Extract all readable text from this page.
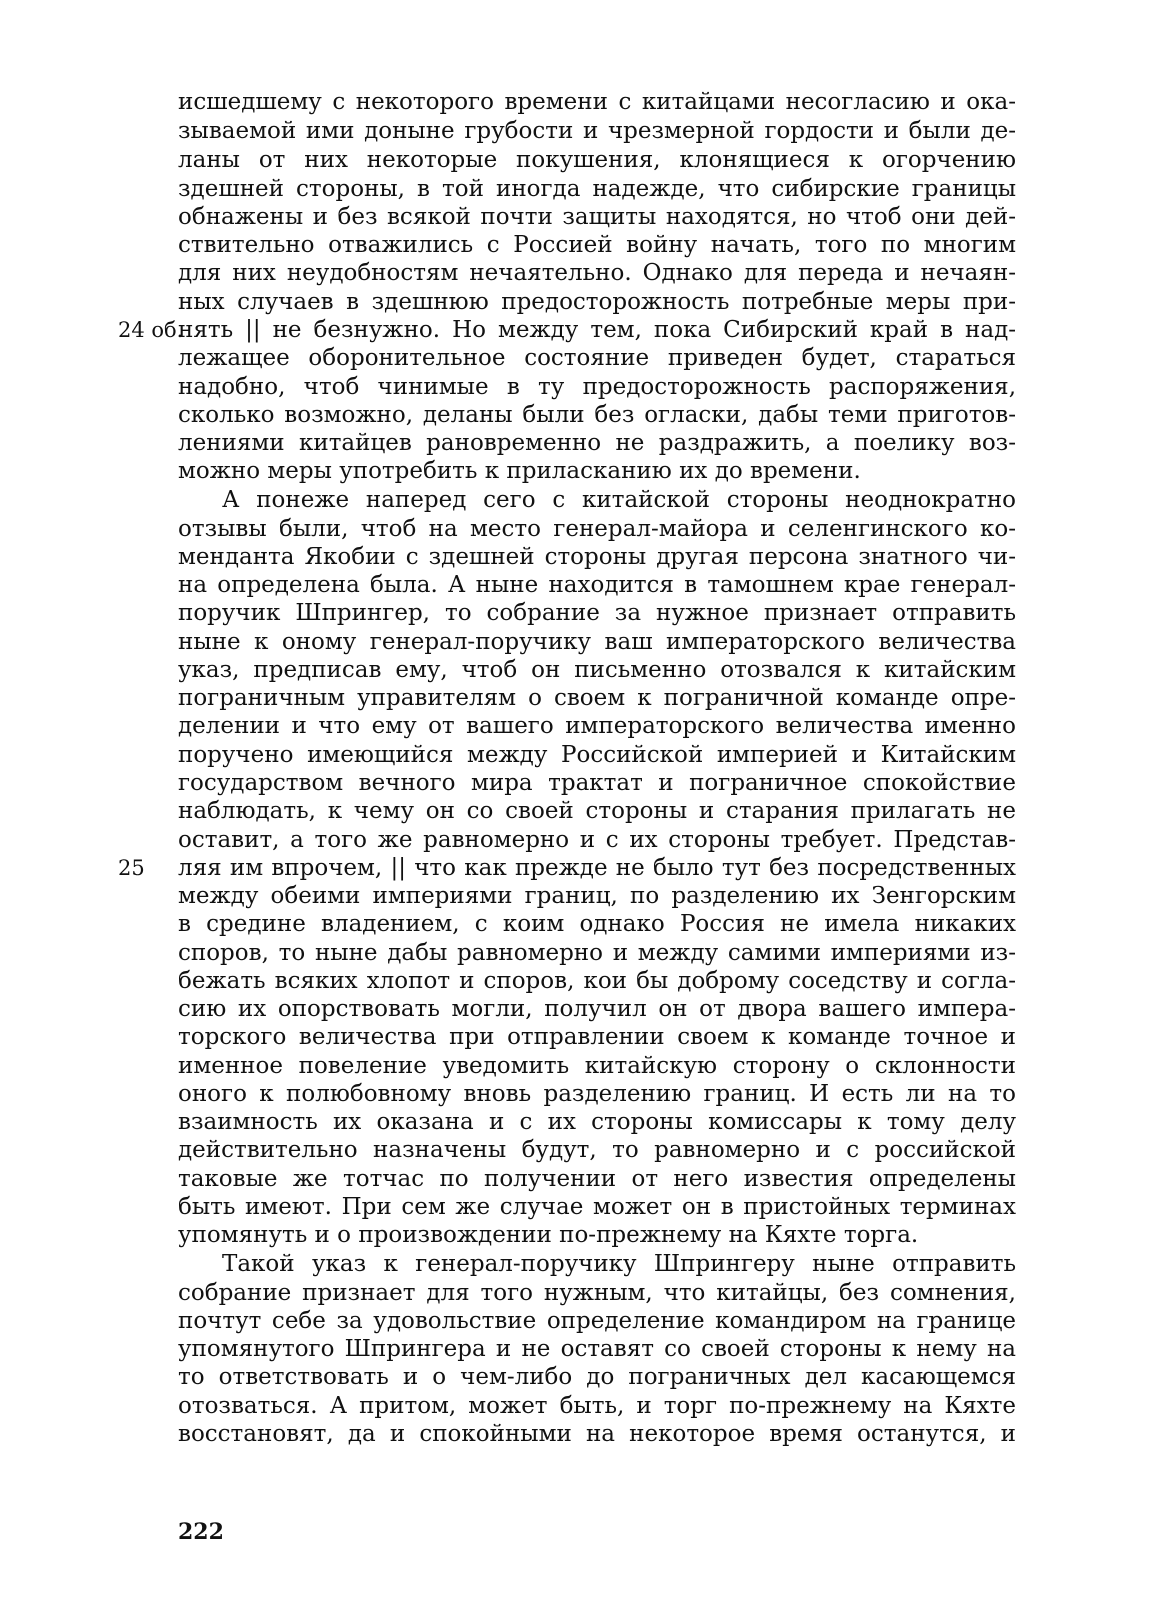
24 об.
25
исшедшему с некоторого времени с китайцами несогласию и ока-
зываемой ими доныне грубости и чрезмерной гордости и были де-
ланы от них некоторые покушения, клонящиеся к огорчению
здешней стороны, в той иногда надежде, что сибирские границы
обнажены и без всякой почти защиты находятся, но чтоб они дей-
ствительно отважились с Россией войну начать, того по многим
для них неудобностям нечаятельно. Однако для переда и нечаян-
ных случаев в здешнюю предосторожность потребные меры при-
нять || не безнужно. Но между тем, пока Сибирский край в над-
лежащее оборонительное состояние приведен будет, стараться
надобно, чтоб чинимые в ту предосторожность распоряжения,
сколько возможно, деланы были без огласки, дабы теми приготов-
лениями китайцев рановременно не раздражить, а поелику воз-
можно меры употребить к приласканию их до времени.
А понеже наперед сего с китайской стороны неоднократно
отзывы были, чтоб на место генерал-майора и селенгинского ко-
менданта Якобии с здешней стороны другая персона знатного чи-
на определена была. А ныне находится в тамошнем крае генерал-
поручик Шпрингер, то собрание за нужное признает отправить
ныне к оному генерал-поручику ваш императорского величества
указ, предписав ему, чтоб он письменно отозвался к китайским
пограничным управителям о своем к пограничной команде опре-
делении и что ему от вашего императорского величества именно
поручено имеющийся между Российской империей и Китайским
государством вечного мира трактат и пограничное спокойствие
наблюдать, к чему он со своей стороны и старания прилагать не
оставит, а того же равномерно и с их стороны требует. Представ-
ляя им впрочем, || что как прежде не было тут без посредственных
между обеими империями границ, по разделению их Зенгорским
в средине владением, с коим однако Россия не имела никаких
споров, то ныне дабы равномерно и между самими империями из-
бежать всяких хлопот и споров, кои бы доброму соседству и согла-
сию их опорствовать могли, получил он от двора вашего импера-
торского величества при отправлении своем к команде точное и
именное повеление уведомить китайскую сторону о склонности
оного к полюбовному вновь разделению границ. И есть ли на то
взаимность их оказана и с их стороны комиссары к тому делу
действительно назначены будут, то равномерно и с российской
таковые же тотчас по получении от него известия определены
быть имеют. При сем же случае может он в пристойных терминах
упомянуть и о произвождении по-прежнему на Кяхте торга.
Такой указ к генерал-поручику Шпрингеру ныне отправить
собрание признает для того нужным, что китайцы, без сомнения,
почтут себе за удовольствие определение командиром на границе
упомянутого Шпрингера и не оставят со своей стороны к нему на
то ответствовать и о чем-либо до пограничных дел касающемся
отозваться. А притом, может быть, и торг по-прежнему на Кяхте
восстановят, да и спокойными на некоторое время останутся, и
222
